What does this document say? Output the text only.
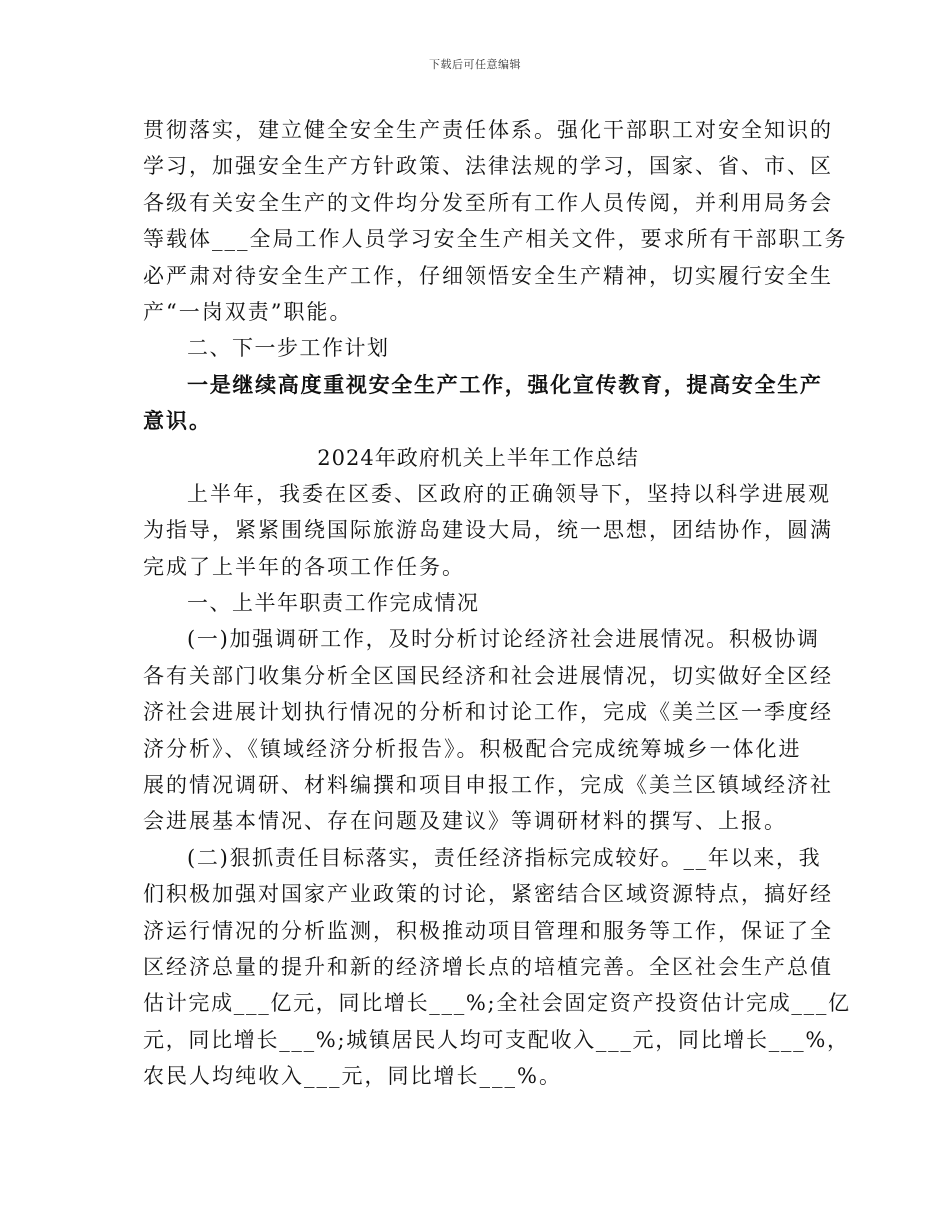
下载后可任意编辑
贯彻落实，建立健全安全生产责任体系。强化干部职工对安全知识的
学习，加强安全生产方针政策、法律法规的学习，国家、省、市、区
各级有关安全生产的文件均分发至所有工作人员传阅，并利用局务会
等载体___全局工作人员学习安全生产相关文件，要求所有干部职工务
必严肃对待安全生产工作，仔细领悟安全生产精神，切实履行安全生
产“一岗双责”职能。
二、下一步工作计划
一是继续高度重视安全生产工作，强化宣传教育，提高安全生产
意识。
2024年政府机关上半年工作总结
上半年，我委在区委、区政府的正确领导下，坚持以科学进展观
为指导，紧紧围绕国际旅游岛建设大局，统一思想，团结协作，圆满
完成了上半年的各项工作任务。
一、上半年职责工作完成情况
(一)加强调研工作，及时分析讨论经济社会进展情况。积极协调
各有关部门收集分析全区国民经济和社会进展情况，切实做好全区经
济社会进展计划执行情况的分析和讨论工作，完成《美兰区一季度经
济分析》、《镇域经济分析报告》。积极配合完成统筹城乡一体化进
展的情况调研、材料编撰和项目申报工作，完成《美兰区镇域经济社
会进展基本情况、存在问题及建议》等调研材料的撰写、上报。
(二)狠抓责任目标落实，责任经济指标完成较好。__年以来，我
们积极加强对国家产业政策的讨论，紧密结合区域资源特点，搞好经
济运行情况的分析监测，积极推动项目管理和服务等工作，保证了全
区经济总量的提升和新的经济增长点的培植完善。全区社会生产总值
估计完成___亿元，同比增长___%;全社会固定资产投资估计完成___亿
元，同比增长___%;城镇居民人均可支配收入___元，同比增长___%，
农民人均纯收入___元，同比增长___%。
